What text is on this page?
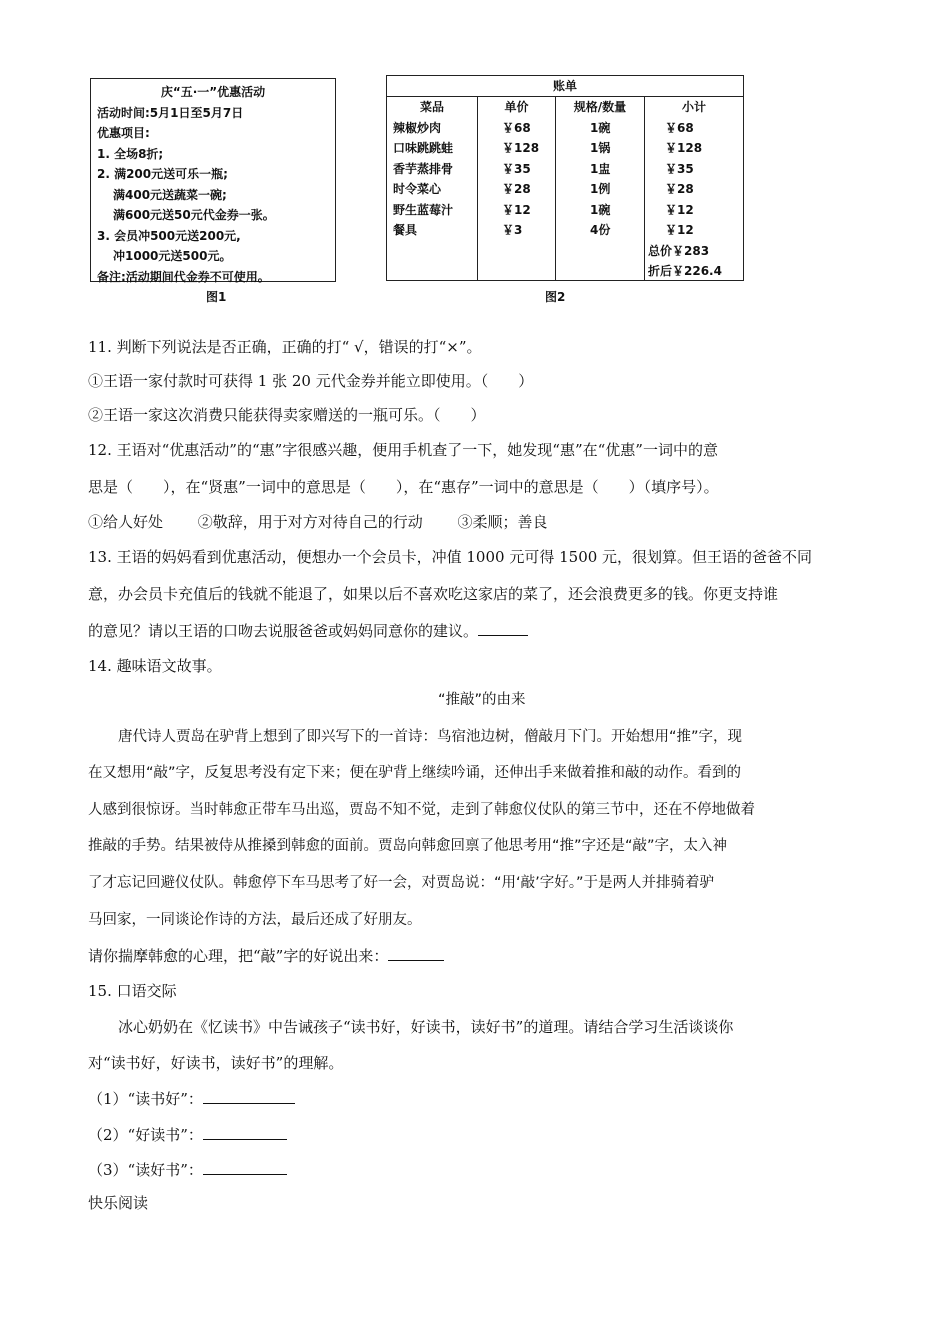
庆“五·一”优惠活动
活动时间:5月1日至5月7日
优惠项目:
1. 全场8折;
2. 满200元送可乐一瓶;
满400元送蔬菜一碗;
满600元送50元代金券一张。
3. 会员冲500元送200元,
冲1000元送500元。
备注:活动期间代金券不可使用。
图1
账单
菜品
辣椒炒肉
口味跳跳蛙
香芋蒸排骨
时令菜心
野生蓝莓汁
餐具
单价
￥68
￥128
￥35
￥28
￥12
￥3
规格/数量
1碗
1锅
1盅
1例
1碗
4份
小计
￥68
￥128
￥35
￥28
￥12
￥12
总价￥283
折后￥226.4
图2
11. 判断下列说法是否正确，正确的打“ √，错误的打“×”。
①王语一家付款时可获得 1 张 20 元代金券并能立即使用。（　　）
②王语一家这次消费只能获得卖家赠送的一瓶可乐。（　　）
12. 王语对“优惠活动”的“惠”字很感兴趣，便用手机查了一下，她发现“惠”在“优惠”一词中的意
思是（　　），在“贤惠”一词中的意思是（　　），在“惠存”一词中的意思是（　　）（填序号）。
①给人好处　　 ②敬辞，用于对方对待自己的行动　　 ③柔顺；善良
13. 王语的妈妈看到优惠活动，便想办一个会员卡，冲值 1000 元可得 1500 元，很划算。但王语的爸爸不同
意，办会员卡充值后的钱就不能退了，如果以后不喜欢吃这家店的菜了，还会浪费更多的钱。你更支持谁
的意见？请以王语的口吻去说服爸爸或妈妈同意你的建议。
14. 趣味语文故事。
“推敲”的由来
唐代诗人贾岛在驴背上想到了即兴写下的一首诗：鸟宿池边树，僧敲月下门。开始想用“推”字，现
在又想用“敲”字，反复思考没有定下来；便在驴背上继续吟诵，还伸出手来做着推和敲的动作。看到的
人感到很惊讶。当时韩愈正带车马出巡，贾岛不知不觉，走到了韩愈仪仗队的第三节中，还在不停地做着
推敲的手势。结果被侍从推搡到韩愈的面前。贾岛向韩愈回禀了他思考用“推”字还是“敲”字，太入神
了才忘记回避仪仗队。韩愈停下车马思考了好一会，对贾岛说：“用‘敲’字好。”于是两人并排骑着驴
马回家，一同谈论作诗的方法，最后还成了好朋友。
请你揣摩韩愈的心理，把“敲”字的好说出来：
15. 口语交际
冰心奶奶在《忆读书》中告诫孩子“读书好，好读书，读好书”的道理。请结合学习生活谈谈你
对“读书好，好读书，读好书”的理解。
（1）“读书好”：
（2）“好读书”：
（3）“读好书”：
快乐阅读
